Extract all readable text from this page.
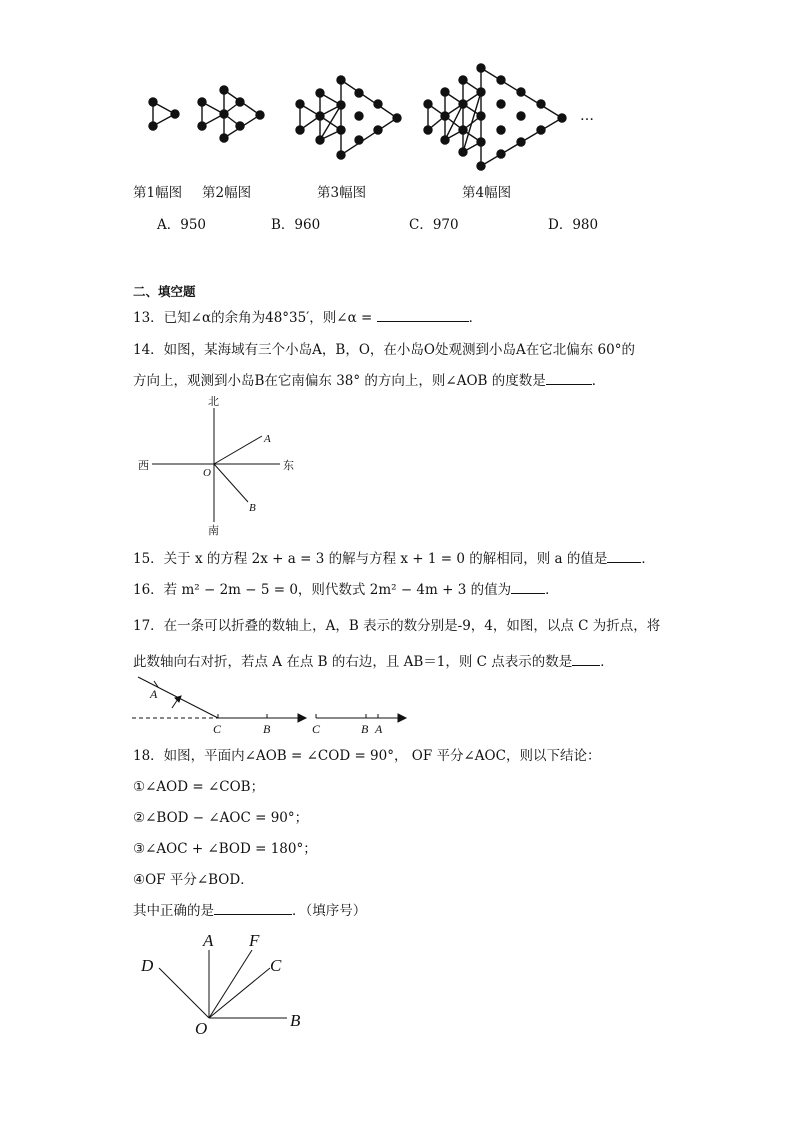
…
第1幅图 第2幅图	第3幅图	第4幅图
A．950	B．960	C．970	D．980
二、填空题
13．已知∠α的余角为48°35′，则∠α =	．
14．如图，某海域有三个小岛A，B，O，在小岛O处观测到小岛A在它北偏东 60°的
方向上，观测到小岛B在它南偏东 38° 的方向上，则∠AOB 的度数是	．
北
南
西	东
O
A
B
15．关于 x 的方程 2x + a = 3 的解与方程 x + 1 = 0 的解相同，则 a 的值是	．
16．若 m² − 2m − 5 = 0，则代数式 2m² − 4m + 3 的值为	．
17．在一条可以折叠的数轴上，A，B 表示的数分别是-9，4，如图，以点 C 为折点，将
此数轴向右对折，若点 A 在点 B 的右边，且 AB＝1，则 C 点表示的数是 ．
A
C	B	C	B A
18．如图，平面内∠AOB = ∠COD = 90°， OF 平分∠AOC，则以下结论：
①∠AOD = ∠COB；
②∠BOD − ∠AOC = 90°；
③∠AOC + ∠BOD = 180°；
④OF 平分∠BOD．
其中正确的是	．（填序号）
A F
C
D
O	B
